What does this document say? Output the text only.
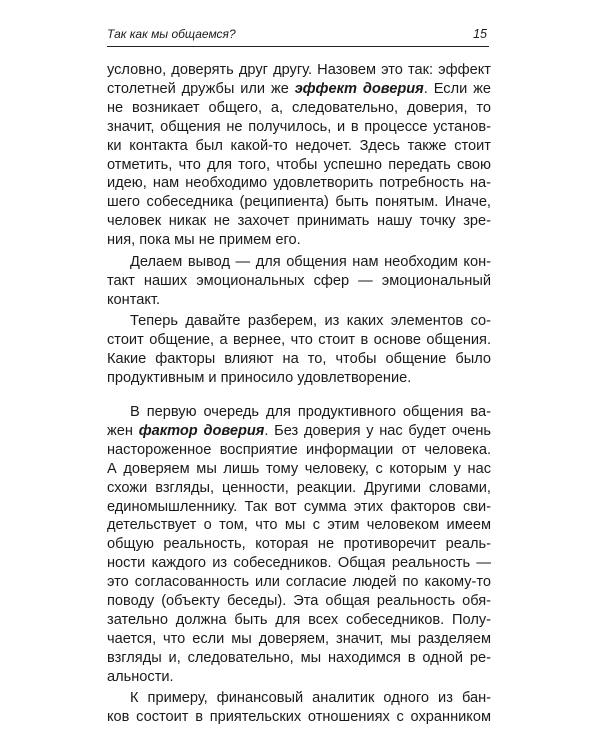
Так как мы общаемся?	15
условно, доверять друг другу. Назовем это так: эффект
столетней дружбы или же эффект доверия. Если же
не возникает общего, а, следовательно, доверия, то
значит, общения не получилось, и в процессе установ-
ки контакта был какой-то недочет. Здесь также стоит
отметить, что для того, чтобы успешно передать свою
идею, нам необходимо удовлетворить потребность на-
шего собеседника (реципиента) быть понятым. Иначе,
человек никак не захочет принимать нашу точку зре-
ния, пока мы не примем его.
Делаем вывод — для общения нам необходим кон-
такт наших эмоциональных сфер — эмоциональный
контакт.
Теперь давайте разберем, из каких элементов со-
стоит общение, а вернее, что стоит в основе общения.
Какие факторы влияют на то, чтобы общение было
продуктивным и приносило удовлетворение.
В первую очередь для продуктивного общения ва-
жен фактор доверия. Без доверия у нас будет очень
настороженное восприятие информации от человека.
А доверяем мы лишь тому человеку, с которым у нас
схожи взгляды, ценности, реакции. Другими словами,
единомышленнику. Так вот сумма этих факторов сви-
детельствует о том, что мы с этим человеком имеем
общую реальность, которая не противоречит реаль-
ности каждого из собеседников. Общая реальность —
это согласованность или согласие людей по какому-то
поводу (объекту беседы). Эта общая реальность обя-
зательно должна быть для всех собеседников. Полу-
чается, что если мы доверяем, значит, мы разделяем
взгляды и, следовательно, мы находимся в одной ре-
альности.
К примеру, финансовый аналитик одного из бан-
ков состоит в приятельских отношениях с охранником
